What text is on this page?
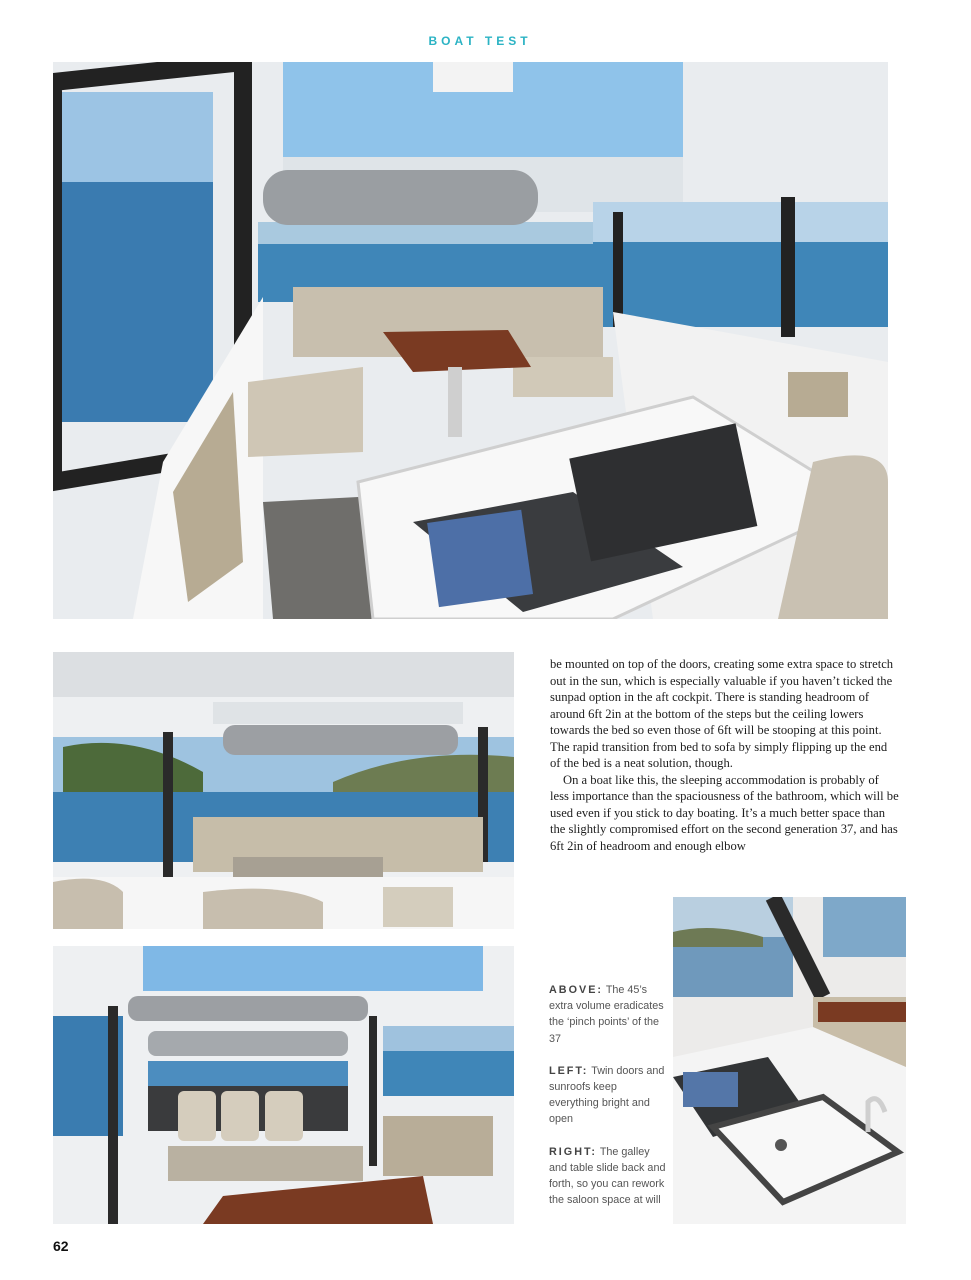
BOAT TEST

be mounted on top of the doors, creating some extra space to stretch out in the sun, which is especially valuable if you haven’t ticked the sunpad option in the aft cockpit. There is standing headroom of around 6ft 2in at the bottom of the steps but the ceiling lowers towards the bed so even those of 6ft will be stooping at this point. The rapid transition from bed to sofa by simply flipping up the end of the bed is a neat solution, though.

On a boat like this, the sleeping accommodation is probably of less importance than the spaciousness of the bathroom, which will be used even if you stick to day boating. It’s a much better space than the slightly compromised effort on the second generation 37, and has 6ft 2in of headroom and enough elbow

ABOVE: The 45’s extra volume eradicates the ‘pinch points’ of the 37

LEFT: Twin doors and sunroofs keep everything bright and open

RIGHT: The galley and table slide back and forth, so you can rework the saloon space at will

62
